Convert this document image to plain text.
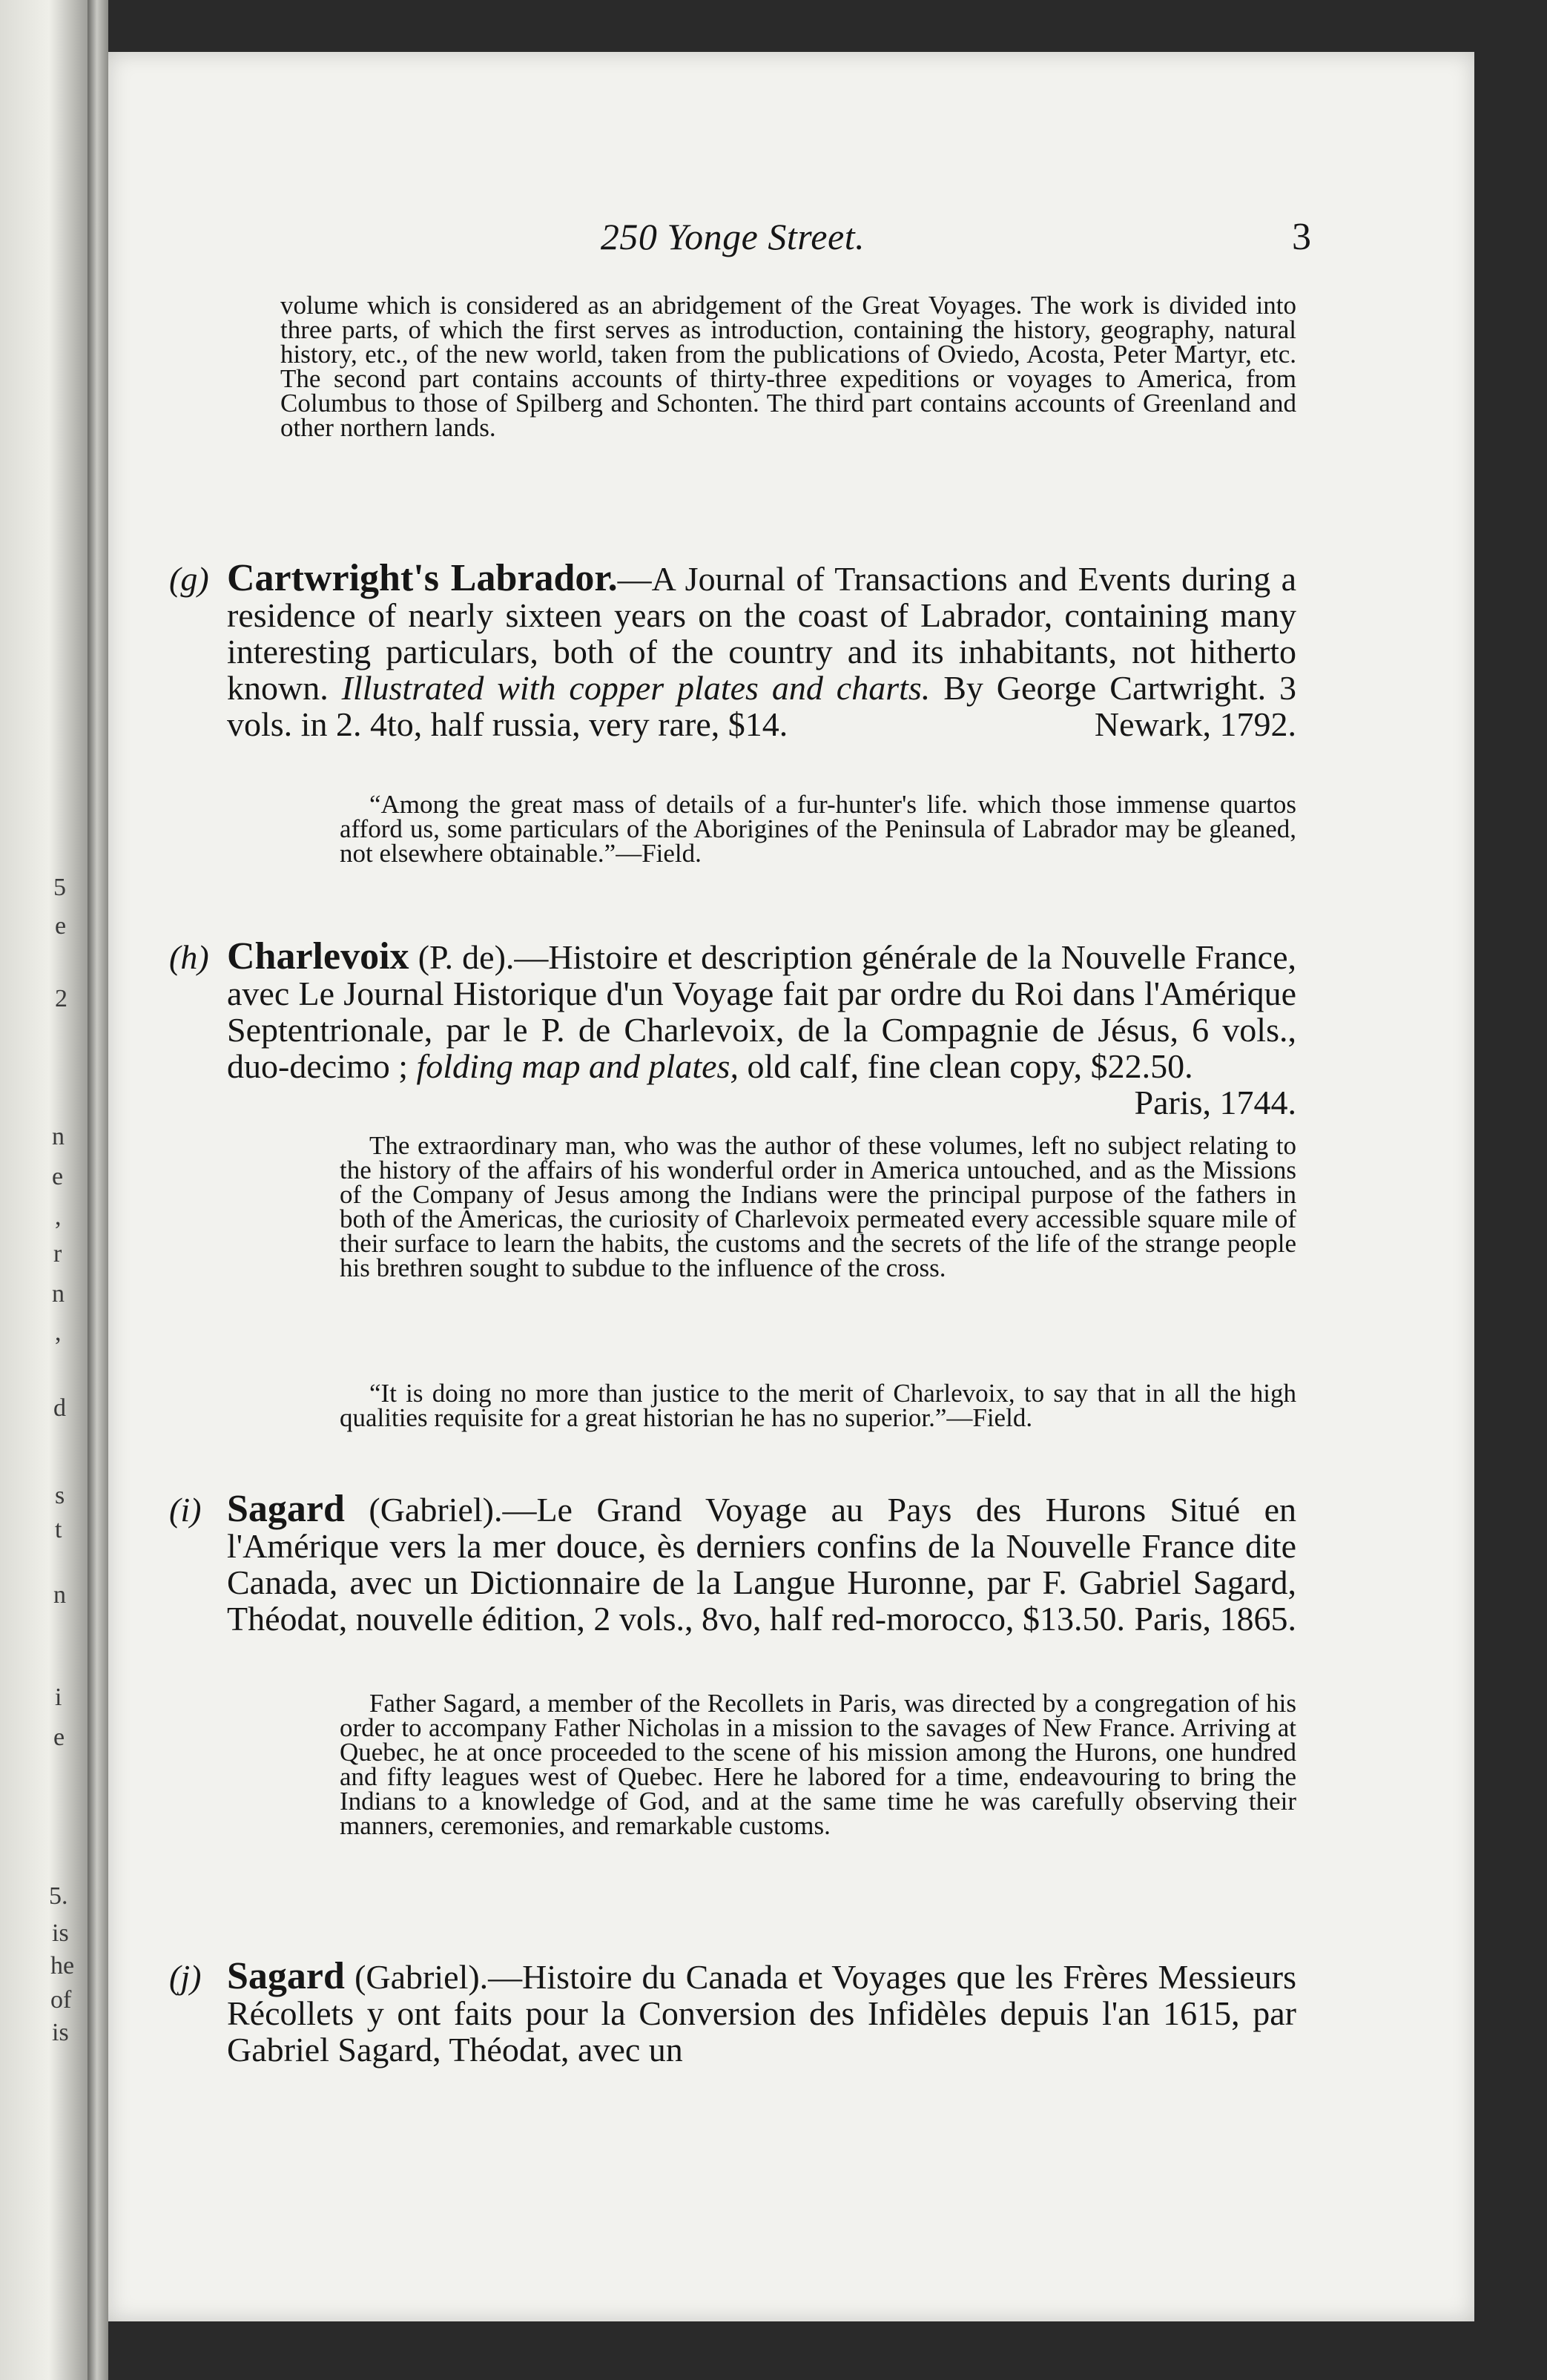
5
e
2
n
e
,
r
n
,
d
s
t
n
i
e
5.
is
he
of
is
250 Yonge Street.	3
volume which is considered as an abridgement of the Great Voyages. The work is divided into three parts, of which the first serves as introduction, containing the history, geography, natural history, etc., of the new world, taken from the publications of Oviedo, Acosta, Peter Martyr, etc. The second part contains accounts of thirty-three expeditions or voyages to America, from Columbus to those of Spilberg and Schonten. The third part contains accounts of Greenland and other northern lands.
(g) Cartwright's Labrador.—A Journal of Transactions and Events during a residence of nearly sixteen years on the coast of Labrador, containing many interesting particulars, both of the country and its inhabitants, not hitherto known. Illustrated with copper plates and charts. By George Cartwright. 3 vols. in 2. 4to, half russia, very rare, $14.	Newark, 1792.
“Among the great mass of details of a fur-hunter's life. which those immense quartos afford us, some particulars of the Aborigines of the Peninsula of Labrador may be gleaned, not elsewhere obtainable.”—Field.
(h) Charlevoix (P. de).—Histoire et description générale de la Nouvelle France, avec Le Journal Historique d'un Voyage fait par ordre du Roi dans l'Amérique Septentrionale, par le P. de Charlevoix, de la Compagnie de Jésus, 6 vols., duo-decimo ; folding map and plates, old calf, fine clean copy, $22.50.
Paris, 1744.
The extraordinary man, who was the author of these volumes, left no subject relating to the history of the affairs of his wonderful order in America untouched, and as the Missions of the Company of Jesus among the Indians were the principal purpose of the fathers in both of the Americas, the curiosity of Charlevoix permeated every accessible square mile of their surface to learn the habits, the customs and the secrets of the life of the strange people his brethren sought to subdue to the influence of the cross.
“It is doing no more than justice to the merit of Charlevoix, to say that in all the high qualities requisite for a great historian he has no superior.”—Field.
(i) Sagard (Gabriel).—Le Grand Voyage au Pays des Hurons Situé en l'Amérique vers la mer douce, ès derniers confins de la Nouvelle France dite Canada, avec un Dictionnaire de la Langue Huronne, par F. Gabriel Sagard, Théodat, nouvelle édition, 2 vols., 8vo, half red-morocco, $13.50. Paris, 1865.
Father Sagard, a member of the Recollets in Paris, was directed by a congregation of his order to accompany Father Nicholas in a mission to the savages of New France. Arriving at Quebec, he at once proceeded to the scene of his mission among the Hurons, one hundred and fifty leagues west of Quebec. Here he labored for a time, endeavouring to bring the Indians to a knowledge of God, and at the same time he was carefully observing their manners, ceremonies, and remarkable customs.
(j) Sagard (Gabriel).—Histoire du Canada et Voyages que les Frères Messieurs Récollets y ont faits pour la Conversion des Infidèles depuis l'an 1615, par Gabriel Sagard, Théodat, avec un
